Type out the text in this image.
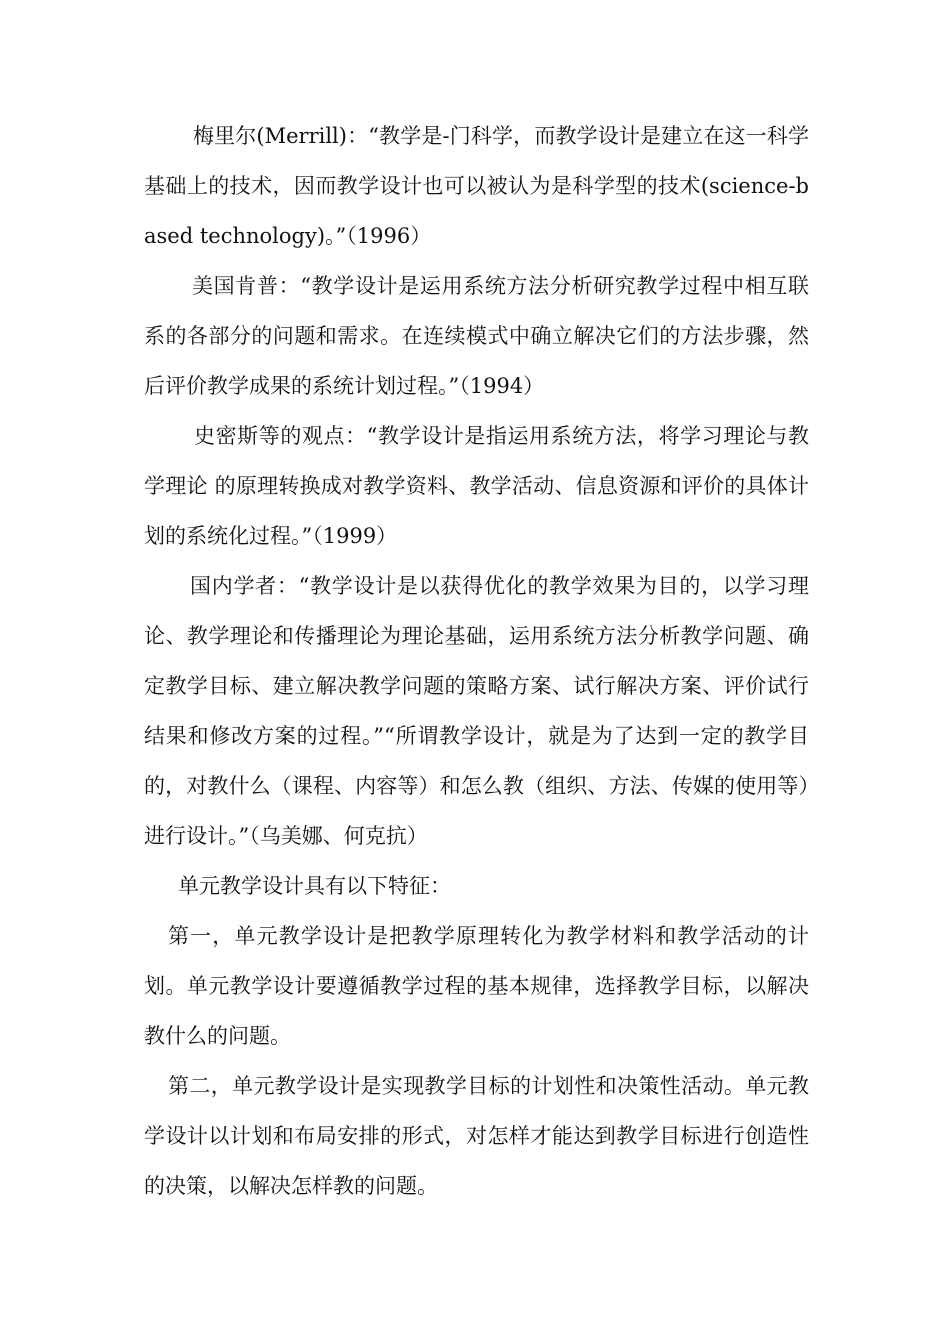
梅里尔(Merrill)：“教学是-门科学，而教学设计是建立在这一科学基础上的技术，因而教学设计也可以被认为是科学型的技术(science-based technology)。”（1996）

美国肯普：“教学设计是运用系统方法分析研究教学过程中相互联系的各部分的问题和需求。在连续模式中确立解决它们的方法步骤，然后评价教学成果的系统计划过程。”（1994）

史密斯等的观点：“教学设计是指运用系统方法，将学习理论与教学理论 的原理转换成对教学资料、教学活动、信息资源和评价的具体计划的系统化过程。”（1999）

国内学者：“教学设计是以获得优化的教学效果为目的，以学习理论、教学理论和传播理论为理论基础，运用系统方法分析教学问题、确定教学目标、建立解决教学问题的策略方案、试行解决方案、评价试行结果和修改方案的过程。”“所谓教学设计，就是为了达到一定的教学目的，对教什么（课程、内容等）和怎么教（组织、方法、传媒的使用等）进行设计。”（乌美娜、何克抗）

单元教学设计具有以下特征：

第一，单元教学设计是把教学原理转化为教学材料和教学活动的计划。单元教学设计要遵循教学过程的基本规律，选择教学目标，以解决教什么的问题。

第二，单元教学设计是实现教学目标的计划性和决策性活动。单元教学设计以计划和布局安排的形式，对怎样才能达到教学目标进行创造性的决策，以解决怎样教的问题。
